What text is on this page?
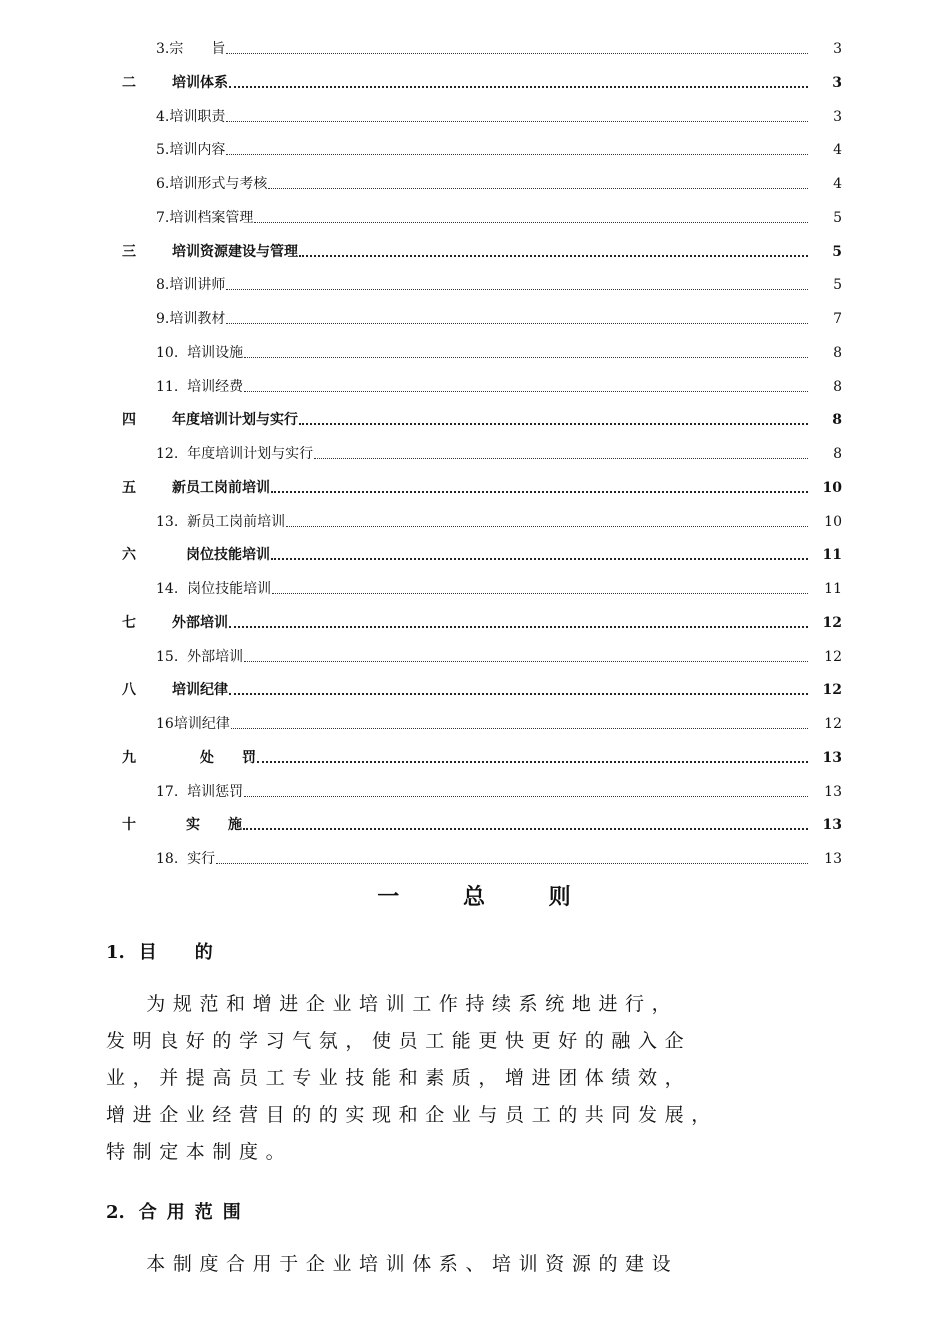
3. 宗　　旨	3
二	培训体系	3
4. 培训职责	3
5. 培训内容	4
6. 培训形式与考核	4
7. 培训档案管理	5
三	培训资源建设与管理	5
8. 培训讲师	5
9. 培训教材	7
10. 培训设施	8
11. 培训经费	8
四	年度培训计划与实行	8
12. 年度培训计划与实行	8
五	新员工岗前培训	10
13. 新员工岗前培训	10
六	　岗位技能培训	11
14. 岗位技能培训	11
七	外部培训	12
15. 外部培训	12
八	培训纪律	12
16 培训纪律	12
九	　　处　　罚	13
17. 培训惩罚	13
十	　实　　施	13
18. 实行	13
一	总	则
1. 目　的
　 为规范和增进企业培训工作持续系统地进行，
发明良好的学习气氛，使员工能更快更好的融入企
业，并提高员工专业技能和素质，增进团体绩效，
增进企业经营目的的实现和企业与员工的共同发展，
特制定本制度。
2. 合用范围
　 本制度合用于企业培训体系、培训资源的建设
